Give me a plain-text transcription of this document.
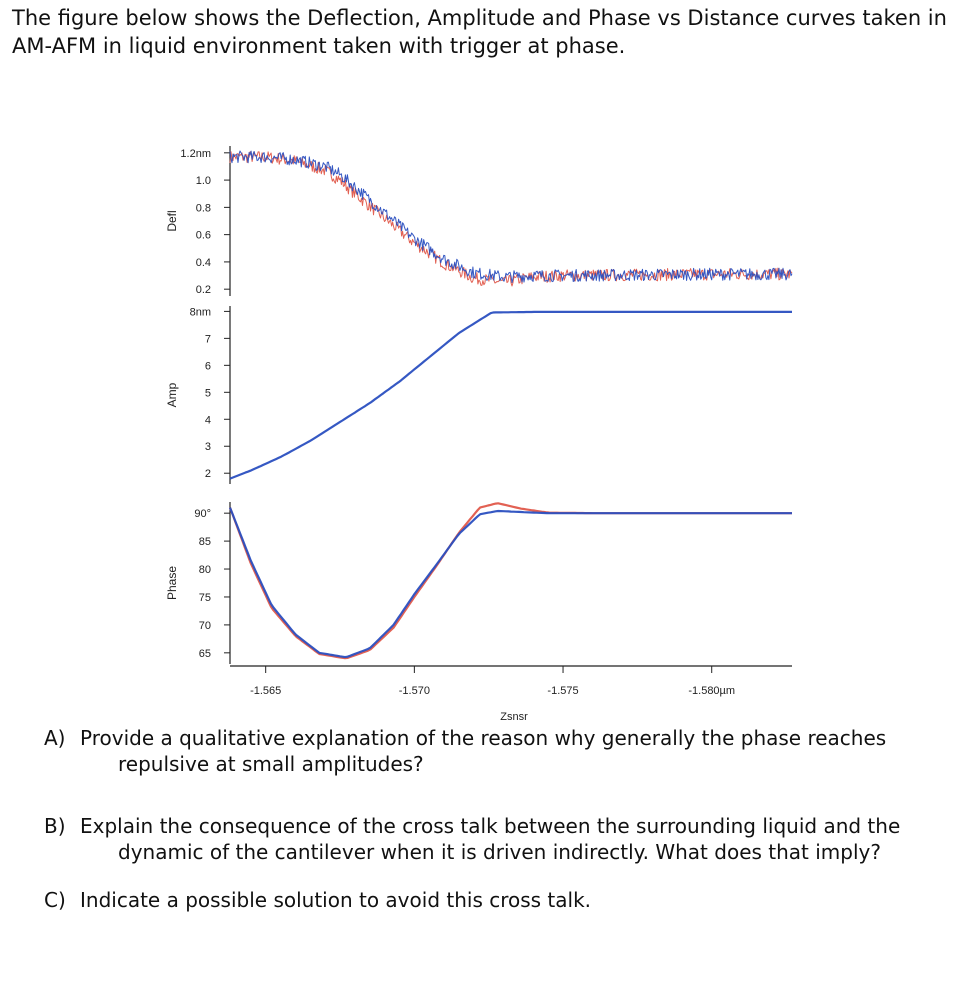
The figure below shows the Deflection, Amplitude and Phase vs Distance curves taken in AM-AFM in liquid environment taken with trigger at phase.
1.2nm
1.0
0.8
0.6
0.4
0.2
Defl
8nm
7
6
5
4
3
2
Amp
90°
85
80
75
70
65
Phase
-1.565	-1.570	-1.575	-1.580µm
Zsnsr
A) Provide a qualitative explanation of the reason why generally the phase reaches
repulsive at small amplitudes?
B) Explain the consequence of the cross talk between the surrounding liquid and the
dynamic of the cantilever when it is driven indirectly. What does that imply?
C) Indicate a possible solution to avoid this cross talk.
